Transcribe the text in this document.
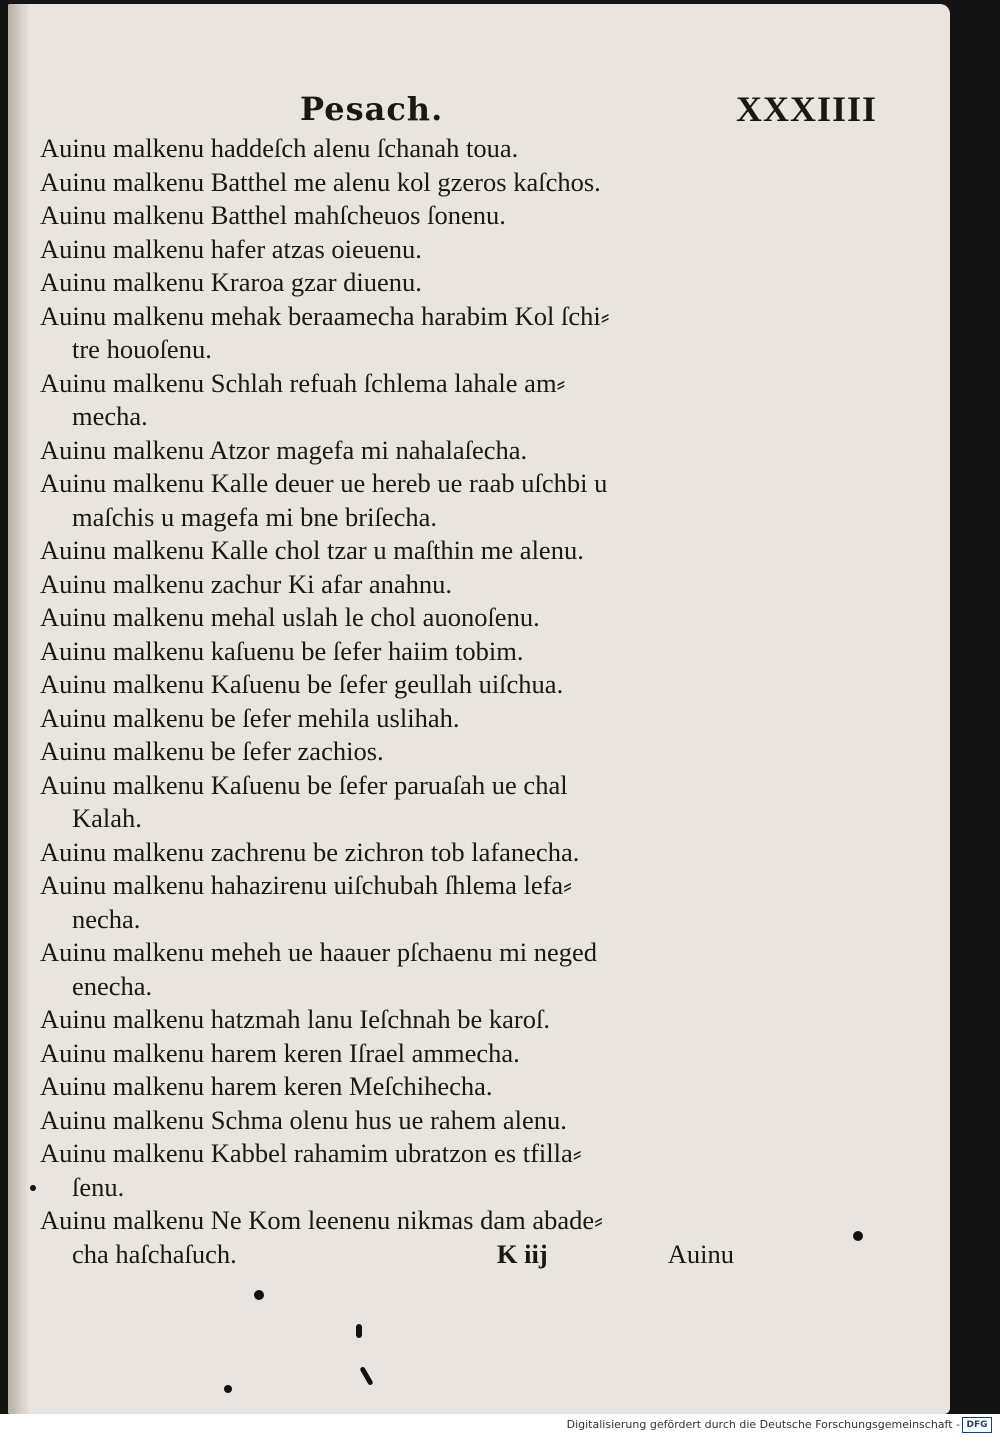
Pesach.	XXXIIII
Auinu malkenu haddeſch alenu ſchanah toua.
Auinu malkenu Batthel me alenu kol gzeros kaſchos.
Auinu malkenu Batthel mahſcheuos ſonenu.
Auinu malkenu hafer atzas oieuenu.
Auinu malkenu Kraroa gzar diuenu.
Auinu malkenu mehak beraamecha harabim Kol ſchi⸗
tre houoſenu.
Auinu malkenu Schlah refuah ſchlema lahale am⸗
mecha.
Auinu malkenu Atzor magefa mi nahalaſecha.
Auinu malkenu Kalle deuer ue hereb ue raab uſchbi u
maſchis u magefa mi bne briſecha.
Auinu malkenu Kalle chol tzar u maſthin me alenu.
Auinu malkenu zachur Ki afar anahnu.
Auinu malkenu mehal uslah le chol auonoſenu.
Auinu malkenu kaſuenu be ſefer haiim tobim.
Auinu malkenu Kaſuenu be ſefer geullah uiſchua.
Auinu malkenu be ſefer mehila uslihah.
Auinu malkenu be ſefer zachios.
Auinu malkenu Kaſuenu be ſefer paruaſah ue chal
Kalah.
Auinu malkenu zachrenu be zichron tob lafanecha.
Auinu malkenu hahazirenu uiſchubah ſhlema lefa⸗
necha.
Auinu malkenu meheh ue haauer pſchaenu mi neged
enecha.
Auinu malkenu hatzmah lanu Ieſchnah be karoſ.
Auinu malkenu harem keren Iſrael ammecha.
Auinu malkenu harem keren Meſchihecha.
Auinu malkenu Schma olenu hus ue rahem alenu.
Auinu malkenu Kabbel rahamim ubratzon es tfilla⸗
ſenu.
Auinu malkenu Ne Kom leenenu nikmas dam abade⸗
cha haſchaſuch.	K iij	Auinu
Digitalisierung gefördert durch die Deutsche Forschungsgemeinschaft - DFG
